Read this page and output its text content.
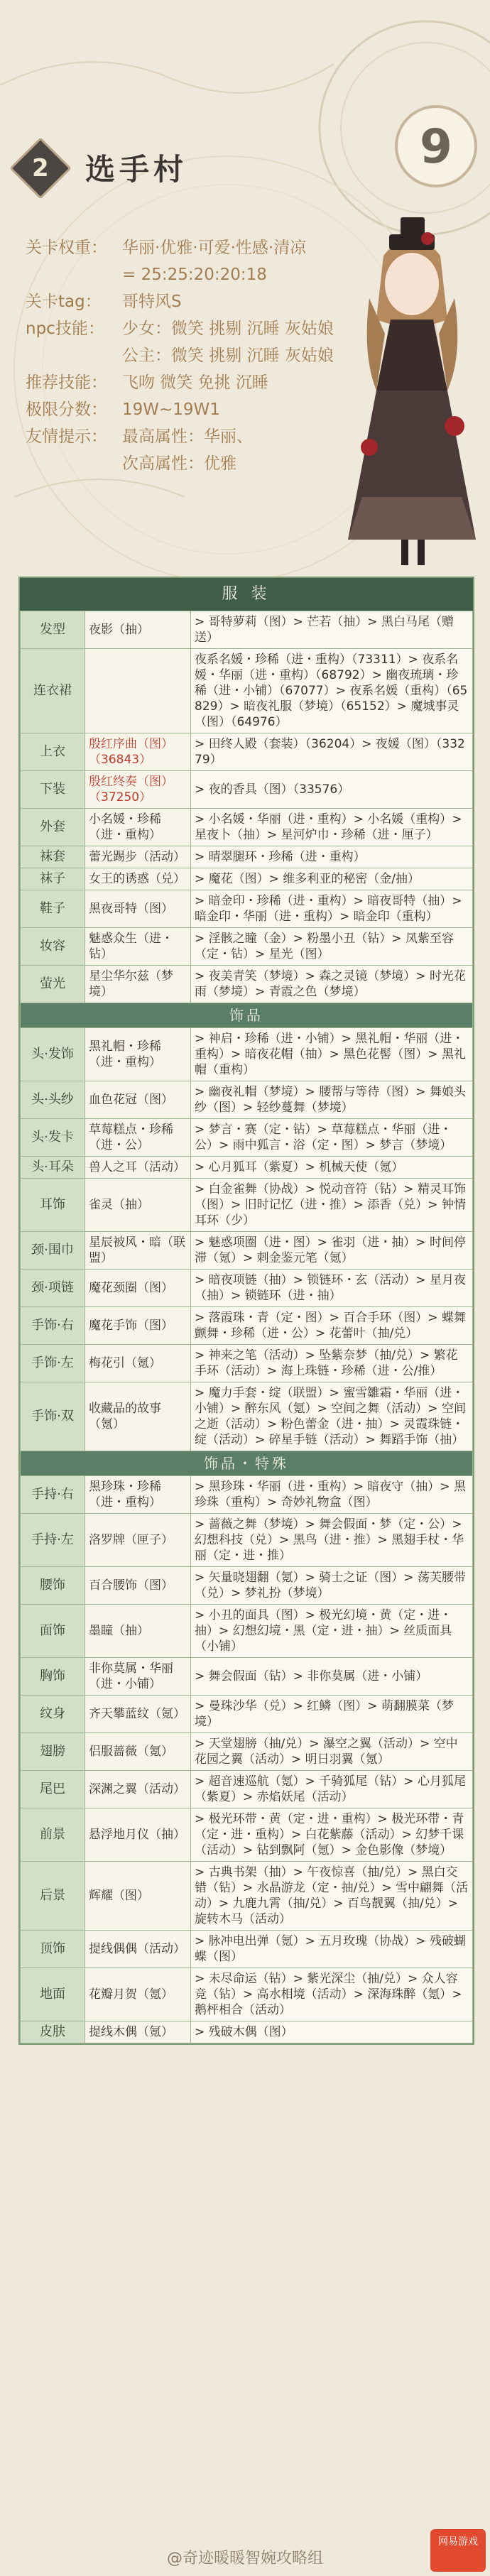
2 选手村	9
关卡权重： 华丽·优雅·可爱·性感·清凉
= 25:25:20:20:18
关卡tag：	哥特风S
npc技能：	少女：微笑 挑剔 沉睡 灰姑娘
公主：微笑 挑剔 沉睡 灰姑娘
推荐技能： 飞吻 微笑 免挑 沉睡
极限分数： 19W~19W1
友情提示： 最高属性：华丽、
次高属性：优雅
服 装
发型	夜影（抽）	> 哥特萝莉（图）> 芒若（抽）> 黑白马尾（赠送）
连衣裙		夜系名媛・珍稀（进・重构）（73311）> 夜系名媛・华丽（进・重构）（68792）> 幽夜琉璃・珍稀（进・小铺）（67077）> 夜系名媛（重构）（65829）> 暗夜礼服（梦境）（65152）> 魔城事灵（图）（64976）
上衣	殷红序曲（图）（36843）	> 田终人殿（套装）（36204）> 夜媛（图）（33279）
下装	殷红终奏（图）（37250）	> 夜的香具（图）（33576）
外套	小名媛・珍稀（进・重构）	> 小名媛・华丽（进・重构）> 小名媛（重构）> 星夜卜（抽）> 星河炉巾・珍稀（进・厘子）
袜套	蕾光踢步（活动）	> 晴翠腿环・珍稀（进・重构）
袜子	女王的诱惑（兑）	> 魔花（图）> 维多利亚的秘密（金/抽）
鞋子	黑夜哥特（图）	> 暗金印・珍稀（进・重构）> 暗夜哥特（抽）> 暗金印・华丽（进・重构）> 暗金印（重构）
妆容	魅惑众生（进・钻）	> 淫骸之瞳（金）> 粉墨小丑（钻）> 凤紫至容（定・钻）> 星光（图）
萤光	星尘华尔兹（梦境）	> 夜美青笑（梦境）> 森之灵镜（梦境）> 时光花雨（梦境）> 青霞之色（梦境）
饰品		
头·发饰	黑礼帽・珍稀（进・重构）	> 神启・珍稀（进・小铺）> 黑礼帽・华丽（进・重构）> 暗夜花帽（抽）> 黑色花髻（图）> 黑礼帽（重构）
头·头纱	血色花冠（图）	> 幽夜礼帽（梦境）> 腰帮与等待（图）> 舞娘头纱（图）> 轻纱蔓舞（梦境）
头·发卡	草莓糕点・珍稀（进・公）	> 梦言・赛（定・钻）> 草莓糕点・华丽（进・公）> 雨中狐言・浴（定・图）> 梦言（梦境）
头·耳朵	兽人之耳（活动）	> 心月狐耳（紫夏）> 机械天使（氪）
耳饰	雀灵（抽）	> 白金雀舞（协战）> 悦动音符（钻）> 精灵耳饰（图）> 旧时记忆（进・推）> 添香（兑）> 钟情耳环（少）
颈·围巾	星辰被风・暗（联盟）	> 魅惑项圈（进・图）> 雀羽（进・抽）> 时间停滞（氪）> 刺金鉴元笔（氪）
颈·项链	魔花颈圈（图）	> 暗夜项链（抽）> 锁链环・玄（活动）> 星月夜（抽）> 锁链环（进・抽）
手饰·右	魔花手饰（图）	> 落霞珠・青（定・图）> 百合手环（图）> 蝶舞颤舞・珍稀（进・公）> 花蕾叶（抽/兑）
手饰·左	梅花引（氪）	> 神来之笔（活动）> 坠紫奈梦（抽/兑）> 繁花手环（活动）> 海上珠链・珍稀（进・公/推）
手饰·双	收藏品的故事（氪）	> 魔力手套・绽（联盟）> 蜜雪雛霜・华丽（进・小铺）> 醉东风（氪）> 空间之舞（活动）> 空间之逝（活动）> 粉色蕾金（进・抽）> 灵霞珠链・绽（活动）> 碎星手链（活动）> 舞蹈手饰（抽）
饰品・特殊		
手持·右	黑珍珠・珍稀（进・重构）	> 黑珍珠・华丽（进・重构）> 暗夜守（抽）> 黑珍珠（重构）> 奇妙礼物盒（图）
手持·左	洛罗牌（匣子）	> 蔷薇之舞（梦境）> 舞会假面・梦（定・公）> 幻想科技（兑）> 黑鸟（进・推）> 黑翅手杖・华丽（定・进・推）
腰饰	百合腰饰（图）	> 矢量晓翅翻（氪）> 骑士之证（图）> 荡芙腰带（兑）> 梦礼扮（梦境）
面饰	墨瞳（抽）	> 小丑的面具（图）> 极光幻境・黄（定・进・抽）> 幻想幻境・黑（定・进・抽）> 丝质面具（小铺）
胸饰	非你莫属・华丽（进・小铺）	> 舞会假面（钻）> 非你莫属（进・小铺）
纹身	齐天攀蓝纹（氪）	> 曼珠沙华（兑）> 红鳞（图）> 萌翻膜菜（梦境）
翅膀	侣服蔷薇（氪）	> 天堂翅膀（抽/兑）> 瀑空之翼（活动）> 空中花园之翼（活动）> 明日羽翼（氪）
尾巴	深渊之翼（活动）	> 超音速巡航（氪）> 千骑狐尾（钻）> 心月狐尾（紫夏）> 赤焰妖尾（活动）
前景	悬浮地月仪（抽）	> 极光环带・黄（定・进・重构）> 极光环带・青（定・进・重构）> 白花紫藤（活动）> 幻梦千课（活动）> 钻到飘阿（氪）> 金色影像（梦境）
后景	辉耀（图）	> 古典书架（抽）> 午夜惊喜（抽/兑）> 黑白交错（钻）> 水晶游龙（定・抽/兑）> 雪中翩舞（活动）> 九鹿九霄（抽/兑）> 百鸟靓翼（抽/兑）> 旋转木马（活动）
顶饰	提线偶偶（活动）	> 脉冲电出弹（氪）> 五月玫瑰（协战）> 残破蝴蝶（图）
地面	花瓣月贺（氪）	> 未尽命运（钻）> 紫光深尘（抽/兑）> 众人容竞（钻）> 高水相境（活动）> 深海珠醉（氪）> 鹅枰相合（活动）
皮肤	提线木偶（氪）	> 残破木偶（图）
@奇迹暖暖智婉攻略组
网易游戏
